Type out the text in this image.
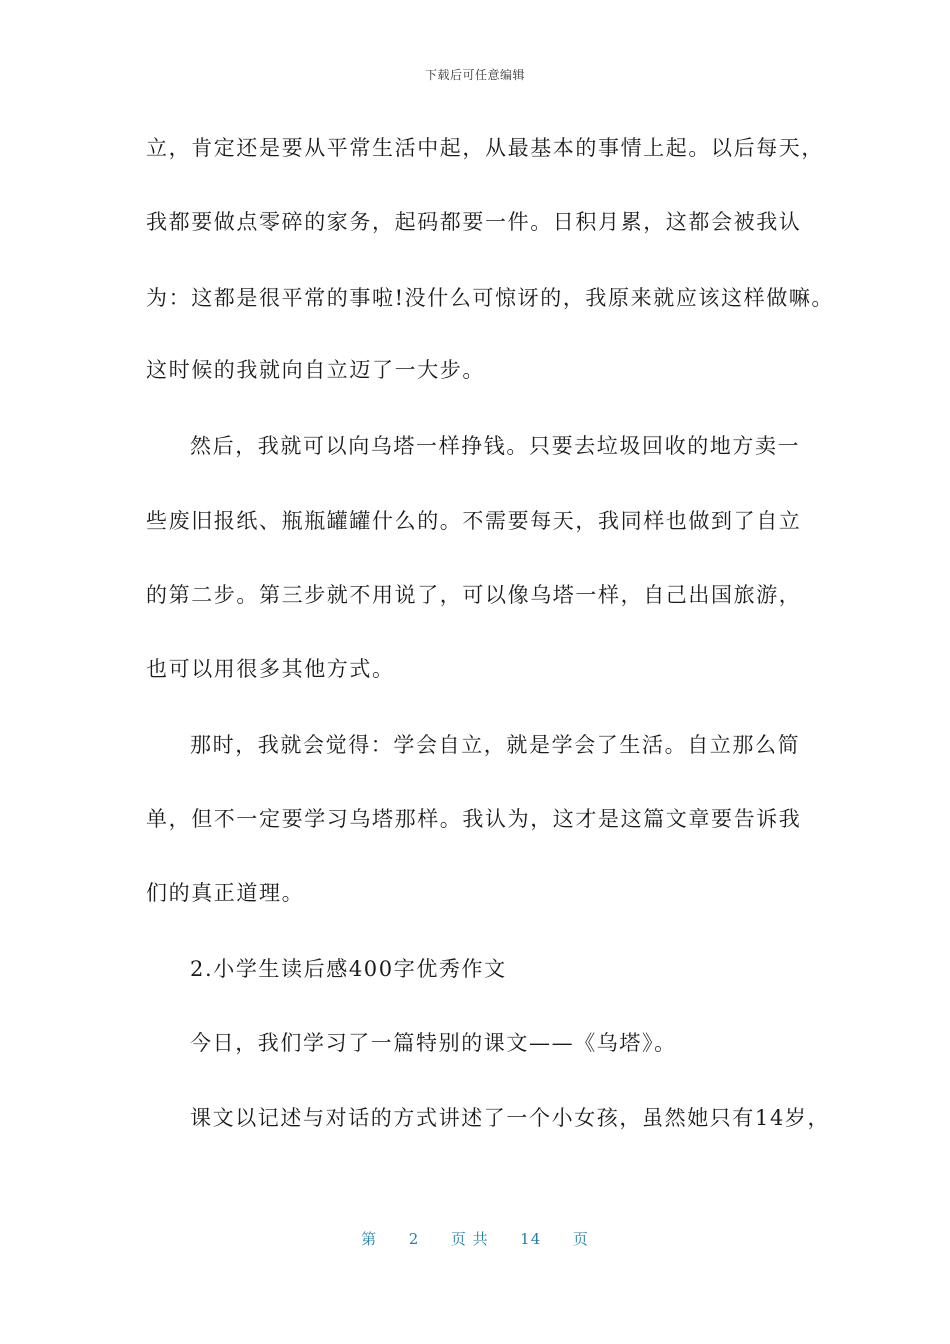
下载后可任意编辑
立，肯定还是要从平常生活中起，从最基本的事情上起。以后每天，
我都要做点零碎的家务，起码都要一件。日积月累，这都会被我认
为：这都是很平常的事啦!没什么可惊讶的，我原来就应该这样做嘛。
这时候的我就向自立迈了一大步。
然后，我就可以向乌塔一样挣钱。只要去垃圾回收的地方卖一
些废旧报纸、瓶瓶罐罐什么的。不需要每天，我同样也做到了自立
的第二步。第三步就不用说了，可以像乌塔一样，自己出国旅游，
也可以用很多其他方式。
那时，我就会觉得：学会自立，就是学会了生活。自立那么简
单，但不一定要学习乌塔那样。我认为，这才是这篇文章要告诉我
们的真正道理。
2.小学生读后感400字优秀作文
今日，我们学习了一篇特别的课文——《乌塔》。
课文以记述与对话的方式讲述了一个小女孩，虽然她只有14岁，
第 2 页 共 14 页
